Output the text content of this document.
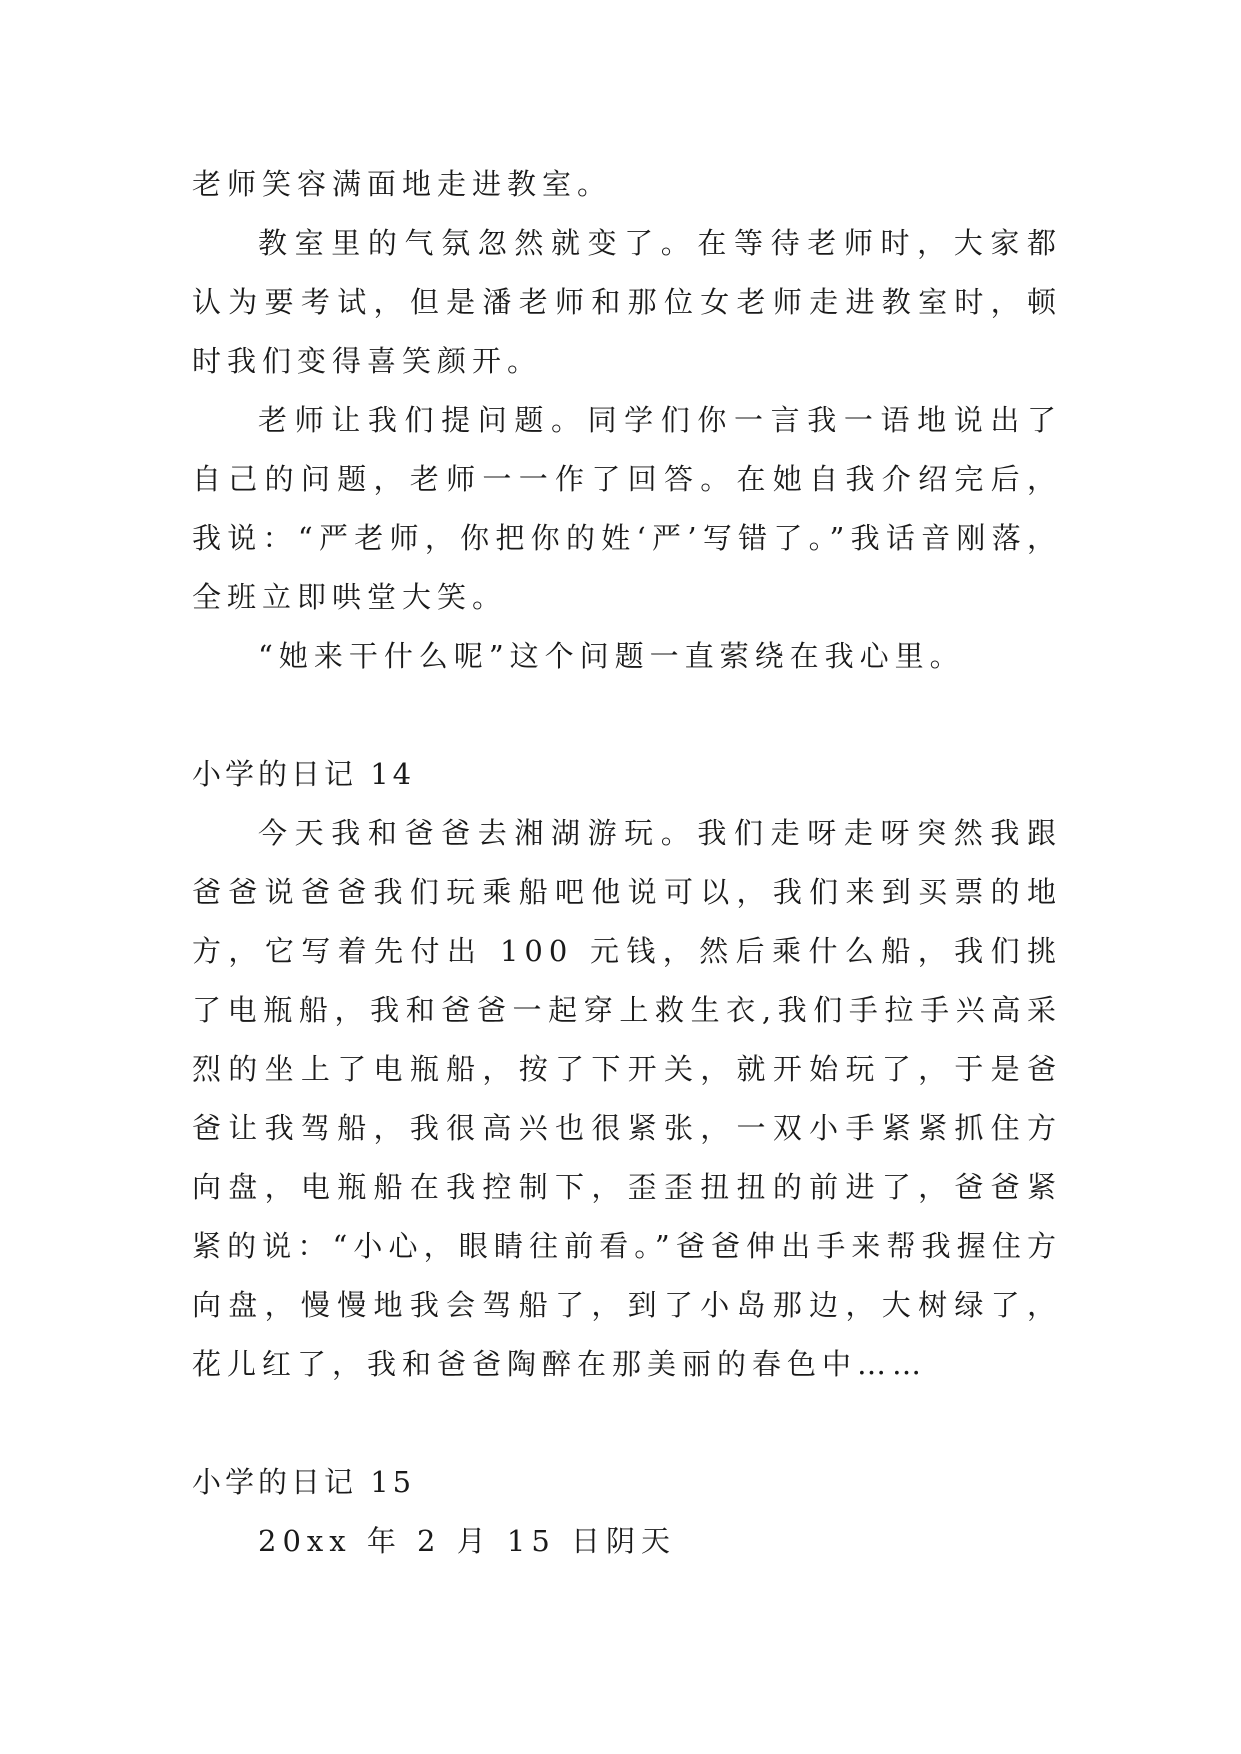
老师笑容满面地走进教室。

教室里的气氛忽然就变了。在等待老师时，大家都认为要考试，但是潘老师和那位女老师走进教室时，顿时我们变得喜笑颜开。

老师让我们提问题。同学们你一言我一语地说出了自己的问题，老师一一作了回答。在她自我介绍完后，我说：“严老师，你把你的姓‘严’写错了。”我话音刚落，全班立即哄堂大笑。

“她来干什么呢”这个问题一直萦绕在我心里。

小学的日记 14

今天我和爸爸去湘湖游玩。我们走呀走呀突然我跟爸爸说爸爸我们玩乘船吧他说可以，我们来到买票的地方，它写着先付出 100 元钱，然后乘什么船，我们挑了电瓶船，我和爸爸一起穿上救生衣,我们手拉手兴高采烈的坐上了电瓶船，按了下开关，就开始玩了，于是爸爸让我驾船，我很高兴也很紧张，一双小手紧紧抓住方向盘，电瓶船在我控制下，歪歪扭扭的前进了，爸爸紧紧的说：“小心，眼睛往前看。”爸爸伸出手来帮我握住方向盘，慢慢地我会驾船了，到了小岛那边，大树绿了，花儿红了，我和爸爸陶醉在那美丽的春色中……

小学的日记 15

20xx 年 2 月 15 日阴天
